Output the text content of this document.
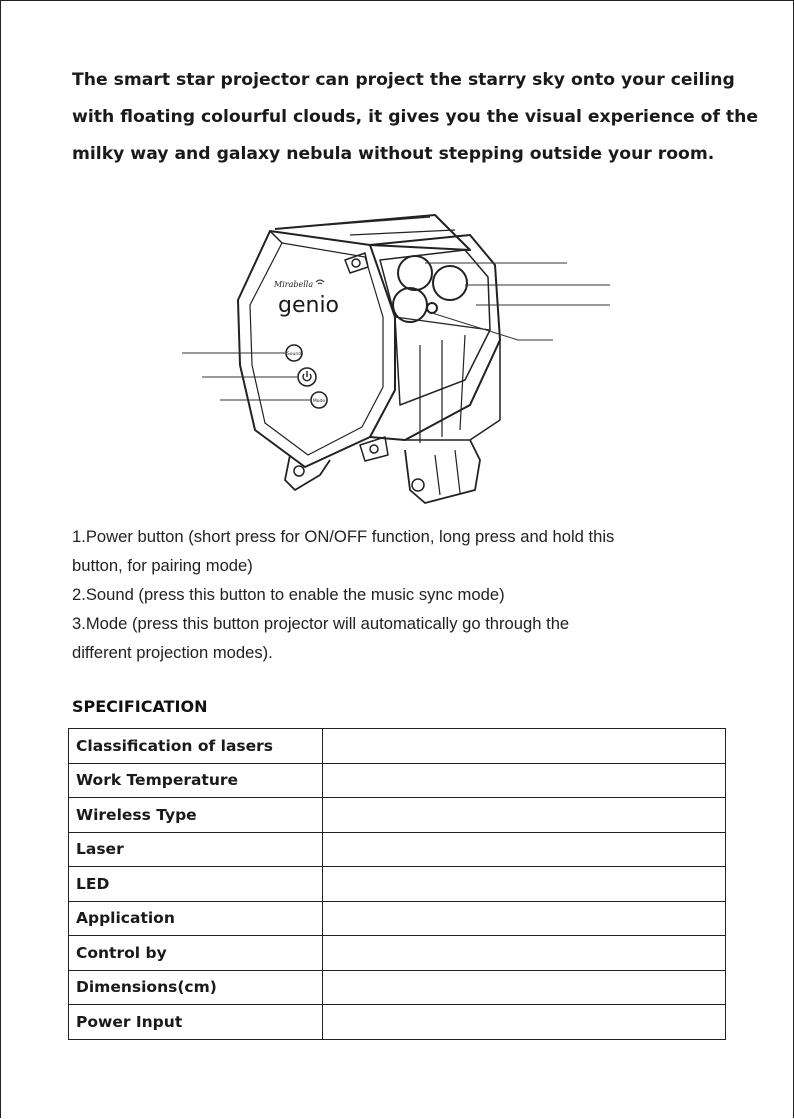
The smart star projector can project the starry sky onto your ceiling
with floating colourful clouds, it gives you the visual experience of the
milky way and galaxy nebula without stepping outside your room.
Mirabella
genio
Sound
Mode

1.Power button (short press for ON/OFF function, long press and hold this

button, for pairing mode)

2.Sound (press this button to enable the music sync mode)

3.Mode (press this button projector will automatically go through the

different projection modes).

SPECIFICATION
Classification of lasers	
Work Temperature	
Wireless Type	
Laser	
LED	
Application	
Control by	
Dimensions(cm)	
Power Input	
